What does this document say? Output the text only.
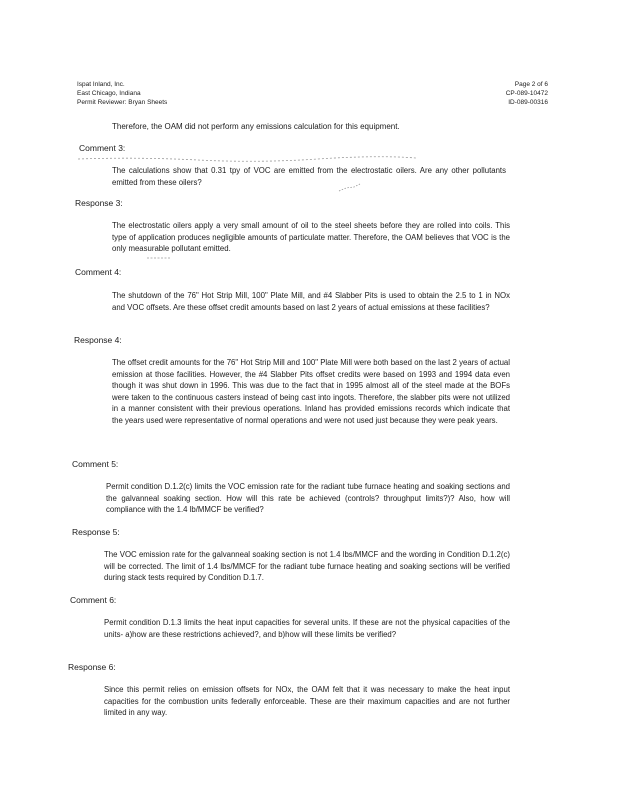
Ispat Inland, Inc.
East Chicago, Indiana
Permit Reviewer: Bryan Sheets
Page 2 of 6
CP-089-10472
ID-089-00316
Therefore, the OAM did not perform any emissions calculation for this equipment.
Comment 3:
The calculations show that 0.31 tpy of VOC are emitted from the electrostatic oilers. Are any other pollutants emitted from these oilers?
Response 3:
The electrostatic oilers apply a very small amount of oil to the steel sheets before they are rolled into coils. This type of application produces negligible amounts of particulate matter. Therefore, the OAM believes that VOC is the only measurable pollutant emitted.
Comment 4:
The shutdown of the 76" Hot Strip Mill, 100" Plate Mill, and #4 Slabber Pits is used to obtain the 2.5 to 1 in NOx and VOC offsets. Are these offset credit amounts based on last 2 years of actual emissions at these facilities?
Response 4:
The offset credit amounts for the 76" Hot Strip Mill and 100" Plate Mill were both based on the last 2 years of actual emission at those facilities. However, the #4 Slabber Pits offset credits were based on 1993 and 1994 data even though it was shut down in 1996. This was due to the fact that in 1995 almost all of the steel made at the BOFs were taken to the continuous casters instead of being cast into ingots. Therefore, the slabber pits were not utilized in a manner consistent with their previous operations. Inland has provided emissions records which indicate that the years used were representative of normal operations and were not used just because they were peak years.
Comment 5:
Permit condition D.1.2(c) limits the VOC emission rate for the radiant tube furnace heating and soaking sections and the galvanneal soaking section. How will this rate be achieved (controls? throughput limits?)? Also, how will compliance with the 1.4 lb/MMCF be verified?
Response 5:
The VOC emission rate for the galvanneal soaking section is not 1.4 lbs/MMCF and the wording in Condition D.1.2(c) will be corrected. The limit of 1.4 lbs/MMCF for the radiant tube furnace heating and soaking sections will be verified during stack tests required by Condition D.1.7.
Comment 6:
Permit condition D.1.3 limits the heat input capacities for several units. If these are not the physical capacities of the units- a)how are these restrictions achieved?, and b)how will these limits be verified?
Response 6:
Since this permit relies on emission offsets for NOx, the OAM felt that it was necessary to make the heat input capacities for the combustion units federally enforceable. These are their maximum capacities and are not further limited in any way.
